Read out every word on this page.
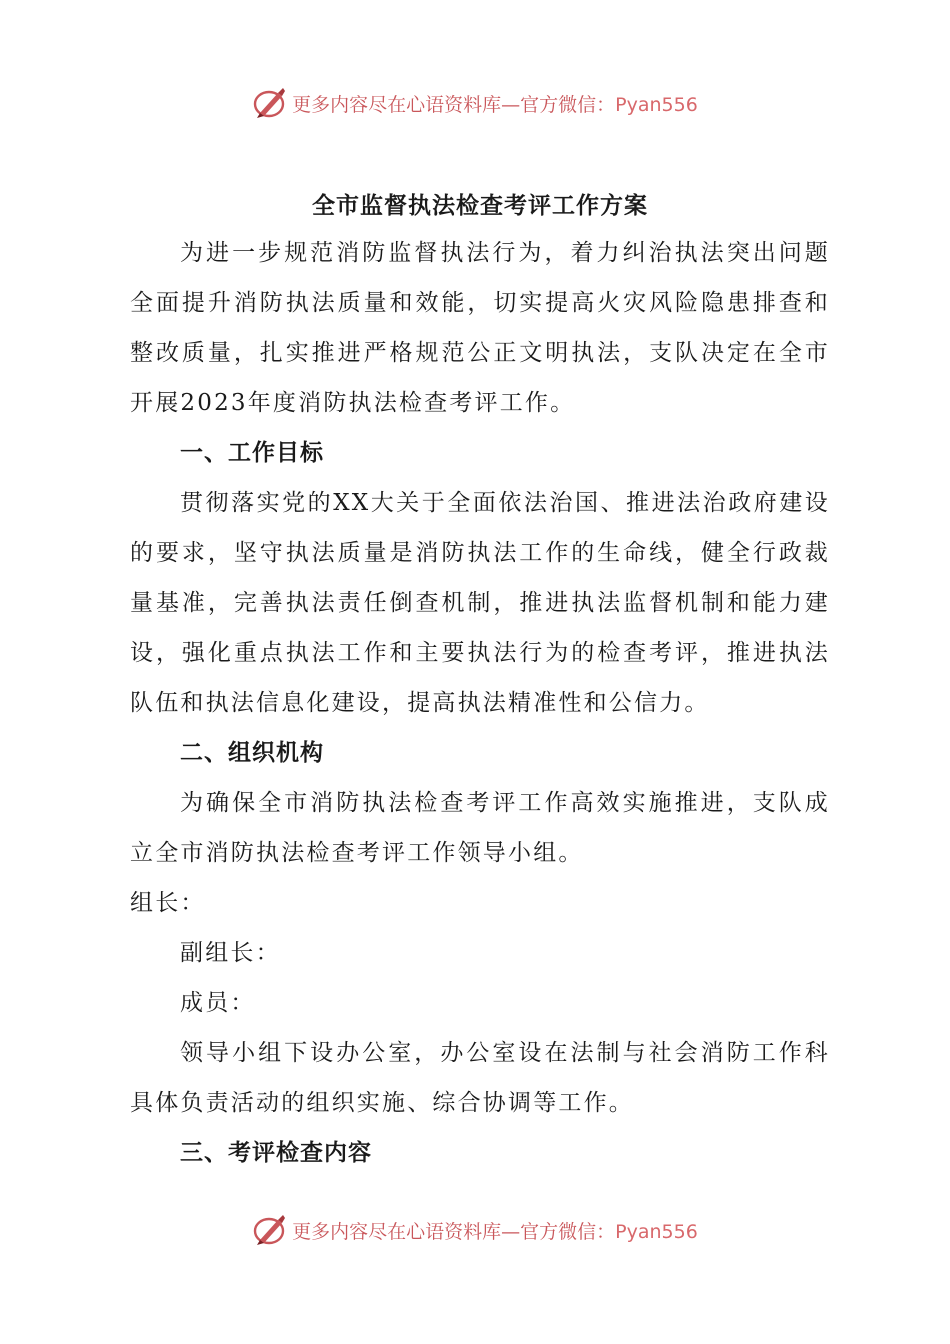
更多内容尽在心语资料库—官方微信：Pyan556

全市监督执法检查考评工作方案

为进一步规范消防监督执法行为，着力纠治执法突出问题全面提升消防执法质量和效能，切实提高火灾风险隐患排查和整改质量，扎实推进严格规范公正文明执法，支队决定在全市开展2023年度消防执法检查考评工作。

一、工作目标

贯彻落实党的XX大关于全面依法治国、推进法治政府建设的要求，坚守执法质量是消防执法工作的生命线，健全行政裁量基准，完善执法责任倒查机制，推进执法监督机制和能力建设，强化重点执法工作和主要执法行为的检查考评，推进执法队伍和执法信息化建设，提高执法精准性和公信力。

二、组织机构

为确保全市消防执法检查考评工作高效实施推进，支队成立全市消防执法检查考评工作领导小组。

组长：

副组长：

成员：

领导小组下设办公室，办公室设在法制与社会消防工作科具体负责活动的组织实施、综合协调等工作。

三、考评检查内容

更多内容尽在心语资料库—官方微信：Pyan556
